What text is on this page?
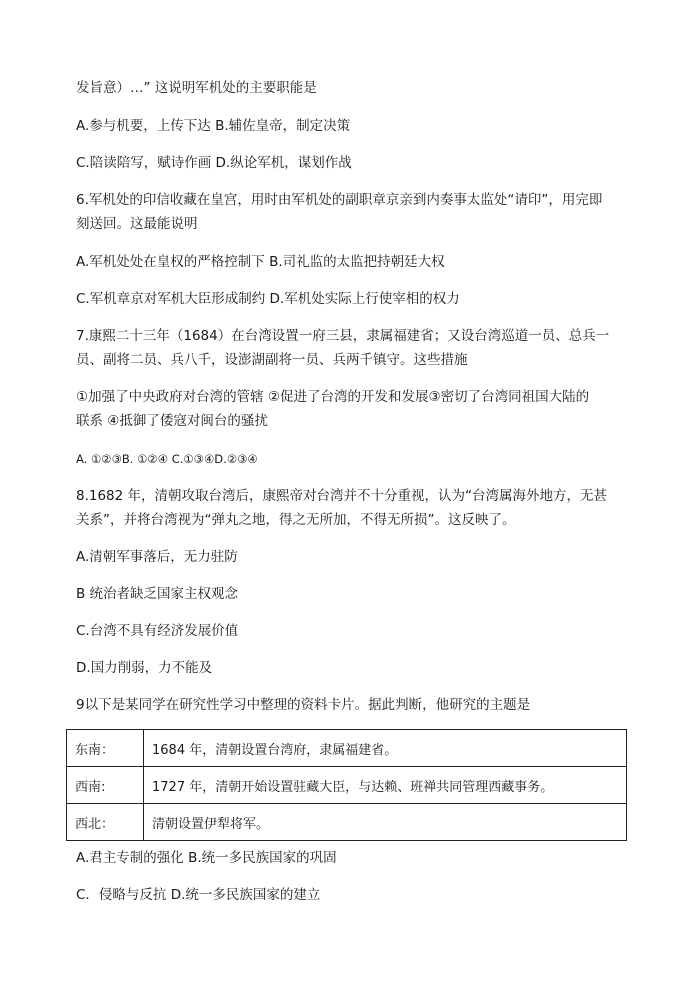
发旨意）…” 这说明军机处的主要职能是
A.参与机要，上传下达 B.辅佐皇帝，制定决策
C.陪读陪写，赋诗作画 D.纵论军机，谋划作战
6.军机处的印信收藏在皇宫，用时由军机处的副职章京亲到内奏事太监处“请印”，用完即
刻送回。这最能说明
A.军机处处在皇权的严格控制下 B.司礼监的太监把持朝廷大权
C.军机章京对军机大臣形成制约 D.军机处实际上行使宰相的权力
7.康熙二十三年（1684）在台湾设置一府三县，隶属福建省；又设台湾巡道一员、总兵一
员、副将二员、兵八千，设澎湖副将一员、兵两千镇守。这些措施
①加强了中央政府对台湾的管辖 ②促进了台湾的开发和发展③密切了台湾同祖国大陆的
联系 ④抵御了倭寇对闽台的骚扰
A. ①②③B. ①②④ C.①③④D.②③④
8.1682 年，清朝攻取台湾后，康熙帝对台湾并不十分重视，认为“台湾属海外地方，无甚
关系”，并将台湾视为“弹丸之地，得之无所加，不得无所损”。这反映了。
A.清朝军事落后，无力驻防
B 统治者缺乏国家主权观念
C.台湾不具有经济发展价值
D.国力削弱，力不能及
9以下是某同学在研究性学习中整理的资料卡片。据此判断，他研究的主题是
东南：	1684 年，清朝设置台湾府，隶属福建省。
西南:	1727 年，清朝开始设置驻藏大臣，与达赖、班禅共同管理西藏事务。
西北：	清朝设置伊犁将军。
A.君主专制的强化 B.统一多民族国家的巩固
C．侵略与反抗 D.统一多民族国家的建立
